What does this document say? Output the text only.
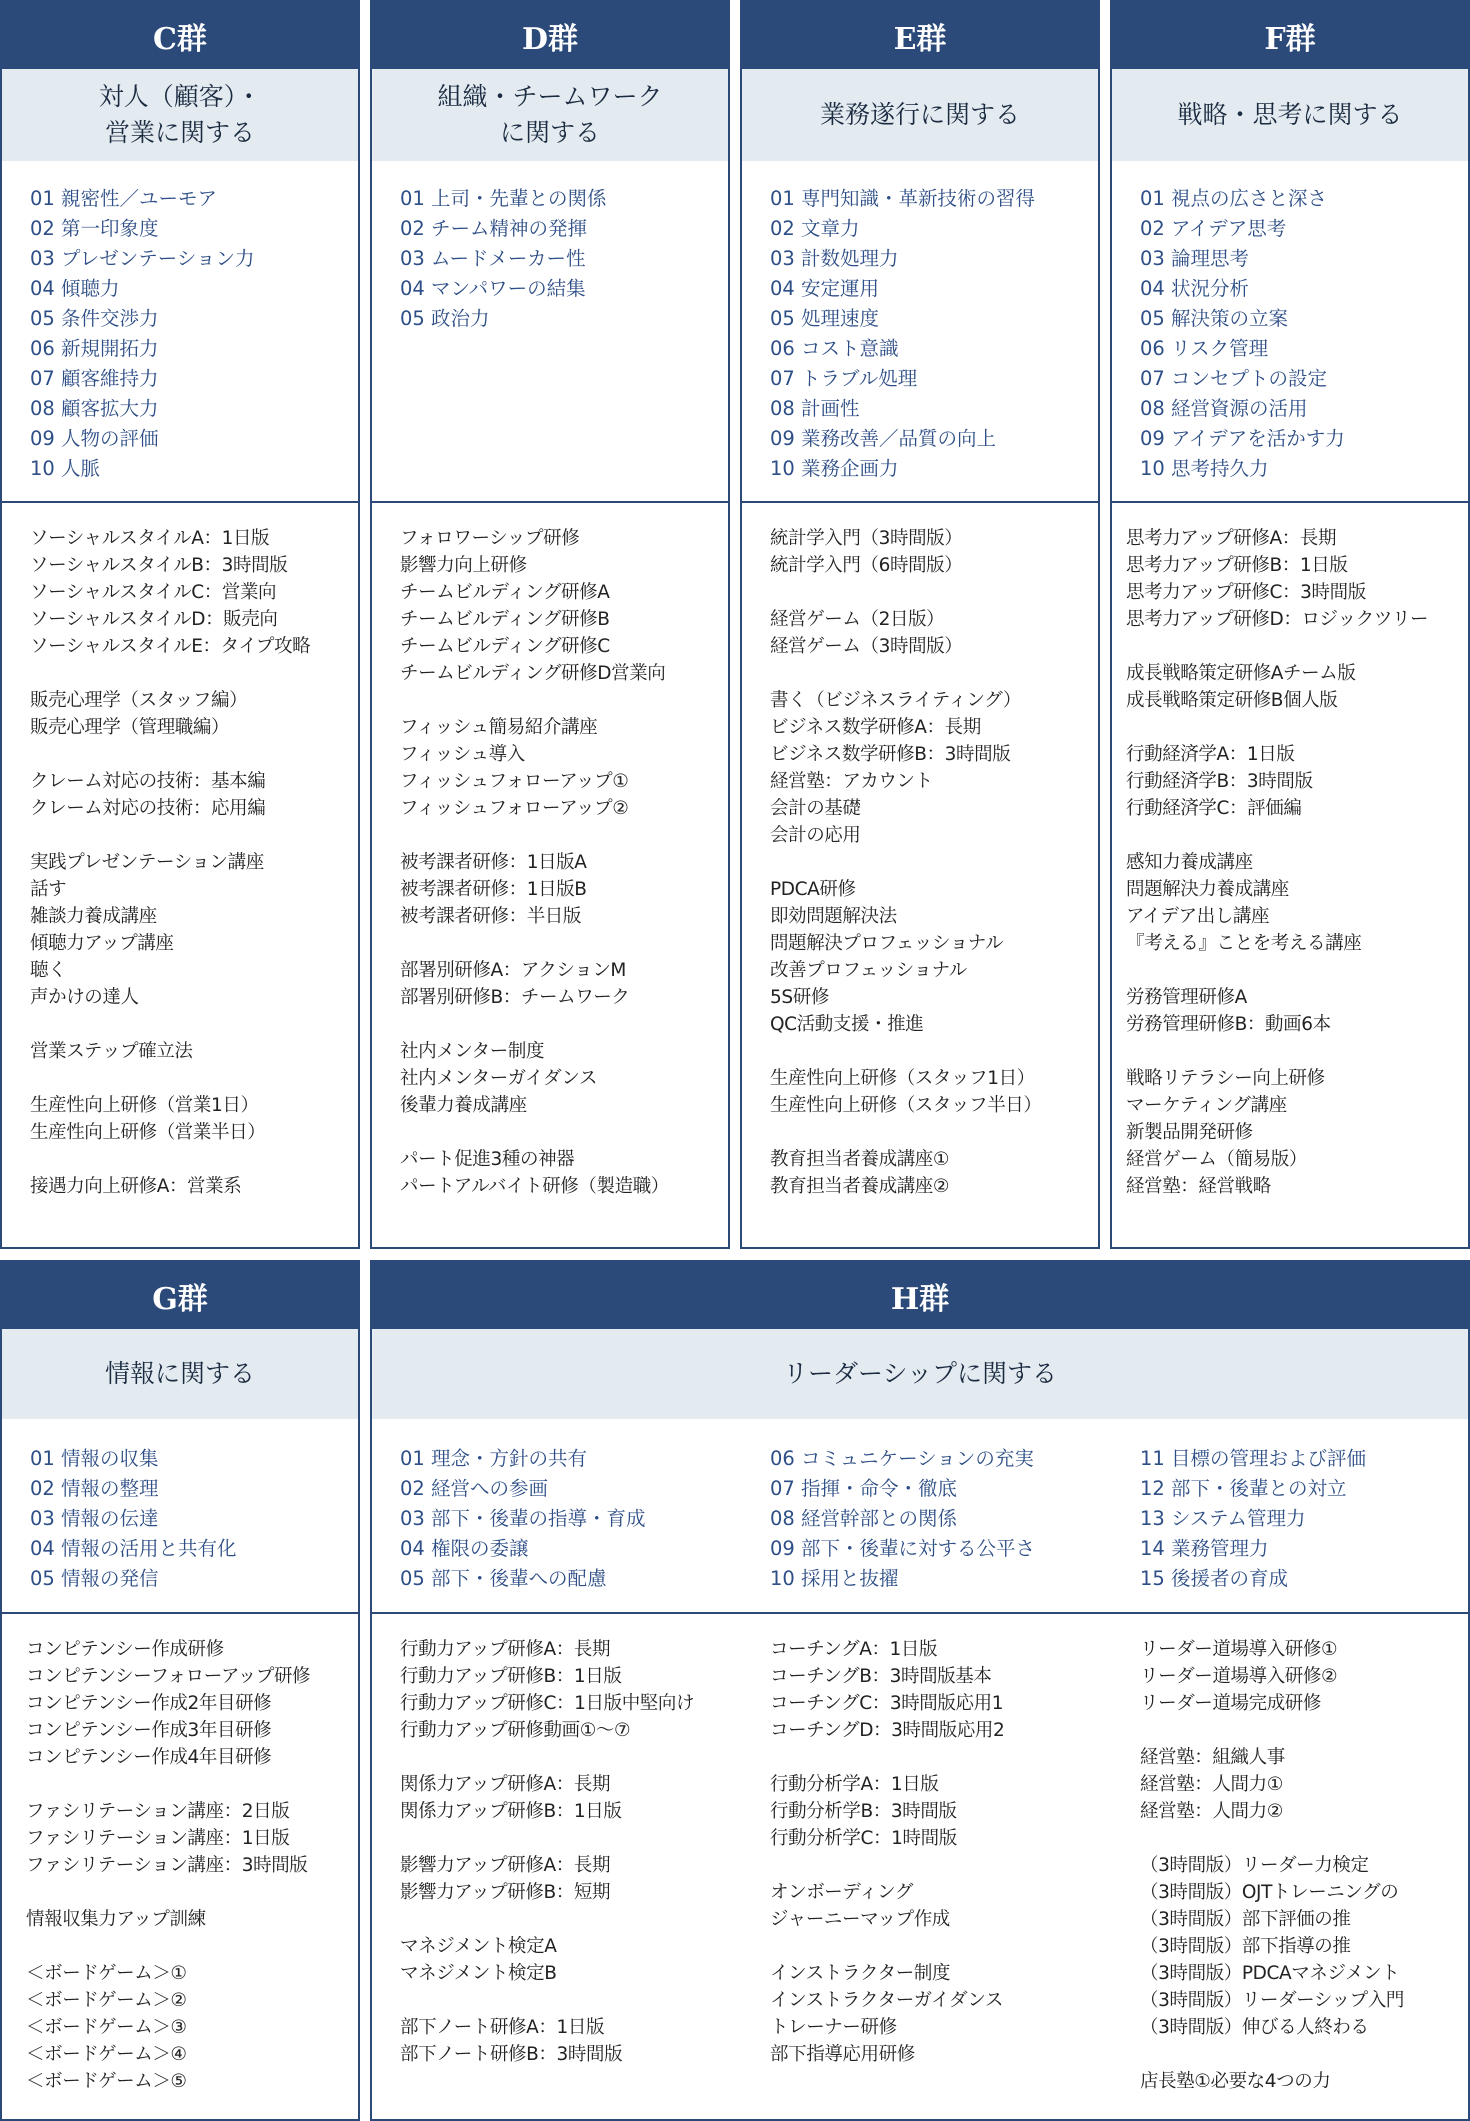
C群
対人（顧客）・
営業に関する
01 親密性／ユーモア
02 第一印象度
03 プレゼンテーション力
04 傾聴力
05 条件交渉力
06 新規開拓力
07 顧客維持力
08 顧客拡大力
09 人物の評価
10 人脈
ソーシャルスタイルA：1日版
ソーシャルスタイルB：3時間版
ソーシャルスタイルC：営業向
ソーシャルスタイルD：販売向
ソーシャルスタイルE：タイプ攻略
販売心理学（スタッフ編）
販売心理学（管理職編）
クレーム対応の技術：基本編
クレーム対応の技術：応用編
実践プレゼンテーション講座
話す
雑談力養成講座
傾聴力アップ講座
聴く
声かけの達人
営業ステップ確立法
生産性向上研修（営業1日）
生産性向上研修（営業半日）
接遇力向上研修A：営業系
D群
組織・チームワーク
に関する
01 上司・先輩との関係
02 チーム精神の発揮
03 ムードメーカー性
04 マンパワーの結集
05 政治力
フォロワーシップ研修
影響力向上研修
チームビルディング研修A
チームビルディング研修B
チームビルディング研修C
チームビルディング研修D営業向
フィッシュ簡易紹介講座
フィッシュ導入
フィッシュフォローアップ①
フィッシュフォローアップ②
被考課者研修：1日版A
被考課者研修：1日版B
被考課者研修：半日版
部署別研修A：アクションM
部署別研修B：チームワーク
社内メンター制度
社内メンターガイダンス
後輩力養成講座
パート促進3種の神器
パートアルバイト研修（製造職）
E群
業務遂行に関する
01 専門知識・革新技術の習得
02 文章力
03 計数処理力
04 安定運用
05 処理速度
06 コスト意識
07 トラブル処理
08 計画性
09 業務改善／品質の向上
10 業務企画力
統計学入門（3時間版）
統計学入門（6時間版）
経営ゲーム（2日版）
経営ゲーム（3時間版）
書く（ビジネスライティング）
ビジネス数学研修A：長期
ビジネス数学研修B：3時間版
経営塾：アカウント
会計の基礎
会計の応用
PDCA研修
即効問題解決法
問題解決プロフェッショナル
改善プロフェッショナル
5S研修
QC活動支援・推進
生産性向上研修（スタッフ1日）
生産性向上研修（スタッフ半日）
教育担当者養成講座①
教育担当者養成講座②
F群
戦略・思考に関する
01 視点の広さと深さ
02 アイデア思考
03 論理思考
04 状況分析
05 解決策の立案
06 リスク管理
07 コンセプトの設定
08 経営資源の活用
09 アイデアを活かす力
10 思考持久力
思考力アップ研修A：長期
思考力アップ研修B：1日版
思考力アップ研修C：3時間版
思考力アップ研修D：ロジックツリー
成長戦略策定研修Aチーム版
成長戦略策定研修B個人版
行動経済学A：1日版
行動経済学B：3時間版
行動経済学C：評価編
感知力養成講座
問題解決力養成講座
アイデア出し講座
『考える』ことを考える講座
労務管理研修A
労務管理研修B：動画6本
戦略リテラシー向上研修
マーケティング講座
新製品開発研修
経営ゲーム（簡易版）
経営塾：経営戦略
G群
情報に関する
01 情報の収集
02 情報の整理
03 情報の伝達
04 情報の活用と共有化
05 情報の発信
コンピテンシー作成研修
コンピテンシーフォローアップ研修
コンピテンシー作成2年目研修
コンピテンシー作成3年目研修
コンピテンシー作成4年目研修
ファシリテーション講座：2日版
ファシリテーション講座：1日版
ファシリテーション講座：3時間版
情報収集力アップ訓練
＜ボードゲーム＞①
＜ボードゲーム＞②
＜ボードゲーム＞③
＜ボードゲーム＞④
＜ボードゲーム＞⑤
H群
リーダーシップに関する
01 理念・方針の共有
02 経営への参画
03 部下・後輩の指導・育成
04 権限の委譲
05 部下・後輩への配慮
06 コミュニケーションの充実
07 指揮・命令・徹底
08 経営幹部との関係
09 部下・後輩に対する公平さ
10 採用と抜擢
11 目標の管理および評価
12 部下・後輩との対立
13 システム管理力
14 業務管理力
15 後援者の育成
行動力アップ研修A：長期
行動力アップ研修B：1日版
行動力アップ研修C：1日版中堅向け
行動力アップ研修動画①～⑦
関係力アップ研修A：長期
関係力アップ研修B：1日版
影響力アップ研修A：長期
影響力アップ研修B：短期
マネジメント検定A
マネジメント検定B
部下ノート研修A：1日版
部下ノート研修B：3時間版
コーチングA：1日版
コーチングB：3時間版基本
コーチングC：3時間版応用1
コーチングD：3時間版応用2
行動分析学A：1日版
行動分析学B：3時間版
行動分析学C：1時間版
オンボーディング
ジャーニーマップ作成
インストラクター制度
インストラクターガイダンス
トレーナー研修
部下指導応用研修
リーダー道場導入研修①
リーダー道場導入研修②
リーダー道場完成研修
経営塾：組織人事
経営塾：人間力①
経営塾：人間力②
（3時間版）リーダー力検定
（3時間版）OJTトレーニングの
（3時間版）部下評価の推
（3時間版）部下指導の推
（3時間版）PDCAマネジメント
（3時間版）リーダーシップ入門
（3時間版）伸びる人終わる
店長塾①必要な4つの力
